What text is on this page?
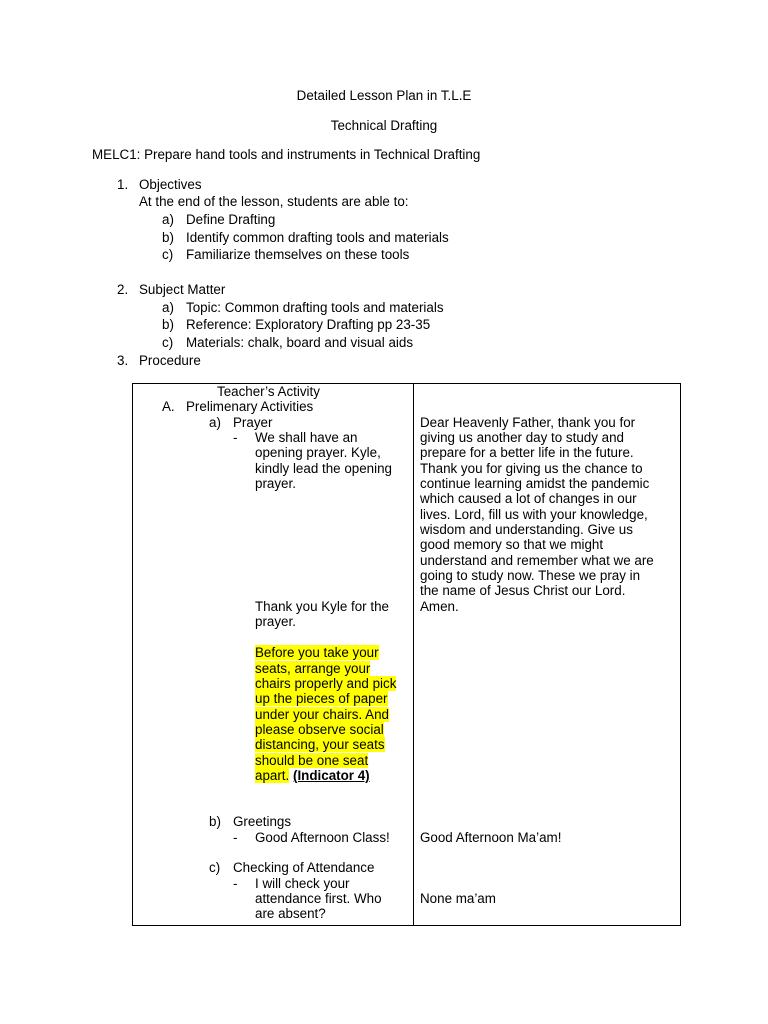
Detailed Lesson Plan in T.L.E
Technical Drafting
MELC1: Prepare hand tools and instruments in Technical Drafting
1. Objectives
At the end of the lesson, students are able to:
a) Define Drafting
b) Identify common drafting tools and materials
c) Familiarize themselves on these tools
2. Subject Matter
a) Topic: Common drafting tools and materials
b) Reference: Exploratory Drafting pp 23-35
c) Materials: chalk, board and visual aids
3. Procedure
Teacher’s Activity
A. Prelimenary Activities
a) Prayer
- We shall have an
opening prayer. Kyle,
kindly lead the opening
prayer.
Thank you Kyle for the
prayer.
Before you take your
seats, arrange your
chairs properly and pick
up the pieces of paper
under your chairs. And
please observe social
distancing, your seats
should be one seat
apart. (Indicator 4)
b) Greetings
- Good Afternoon Class!
c) Checking of Attendance
- I will check your
attendance first. Who
are absent?
Dear Heavenly Father, thank you for
giving us another day to study and
prepare for a better life in the future.
Thank you for giving us the chance to
continue learning amidst the pandemic
which caused a lot of changes in our
lives. Lord, fill us with your knowledge,
wisdom and understanding. Give us
good memory so that we might
understand and remember what we are
going to study now. These we pray in
the name of Jesus Christ our Lord.
Amen.
Good Afternoon Ma’am!
None ma’am
